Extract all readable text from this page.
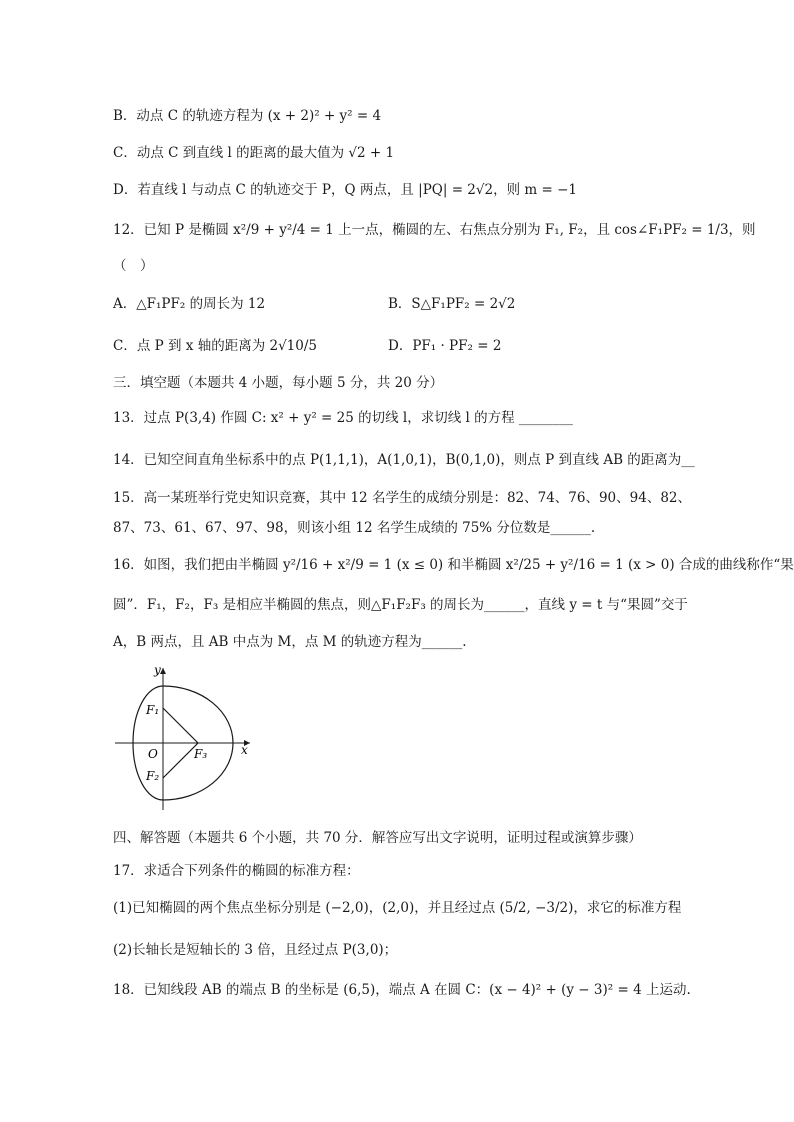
B．动点 C 的轨迹方程为 (x + 2)² + y² = 4
C．动点 C 到直线 l 的距离的最大值为 √2 + 1
D．若直线 l 与动点 C 的轨迹交于 P，Q 两点，且 |PQ| = 2√2，则 m = −1
12．已知 P 是椭圆 x²/9 + y²/4 = 1 上一点，椭圆的左、右焦点分别为 F₁, F₂，且 cos∠F₁PF₂ = 1/3，则
（　）
A．△F₁PF₂ 的周长为 12	B．S△F₁PF₂ = 2√2
C．点 P 到 x 轴的距离为 2√10/5	D．PF₁ · PF₂ = 2
三．填空题（本题共 4 小题，每小题 5 分，共 20 分）
13．过点 P(3,4) 作圆 C: x² + y² = 25 的切线 l，求切线 l 的方程 ________
14．已知空间直角坐标系中的点 P(1,1,1)，A(1,0,1)，B(0,1,0)，则点 P 到直线 AB 的距离为__
15．高一某班举行党史知识竞赛，其中 12 名学生的成绩分别是：82、74、76、90、94、82、
87、73、61、67、97、98，则该小组 12 名学生成绩的 75% 分位数是______.
16．如图，我们把由半椭圆 y²/16 + x²/9 = 1 (x ≤ 0) 和半椭圆 x²/25 + y²/16 = 1 (x > 0) 合成的曲线称作“果
圆”．F₁，F₂，F₃ 是相应半椭圆的焦点，则△F₁F₂F₃ 的周长为______，直线 y = t 与“果圆”交于
A，B 两点，且 AB 中点为 M，点 M 的轨迹方程为______.
y
x
O
F₁
F₂
F₃
四、解答题（本题共 6 个小题，共 70 分．解答应写出文字说明，证明过程或演算步骤）
17．求适合下列条件的椭圆的标准方程：
(1)已知椭圆的两个焦点坐标分别是 (−2,0)，(2,0)，并且经过点 (5/2, −3/2)，求它的标准方程
(2)长轴长是短轴长的 3 倍，且经过点 P(3,0)；
18．已知线段 AB 的端点 B 的坐标是 (6,5)，端点 A 在圆 C：(x − 4)² + (y − 3)² = 4 上运动.
